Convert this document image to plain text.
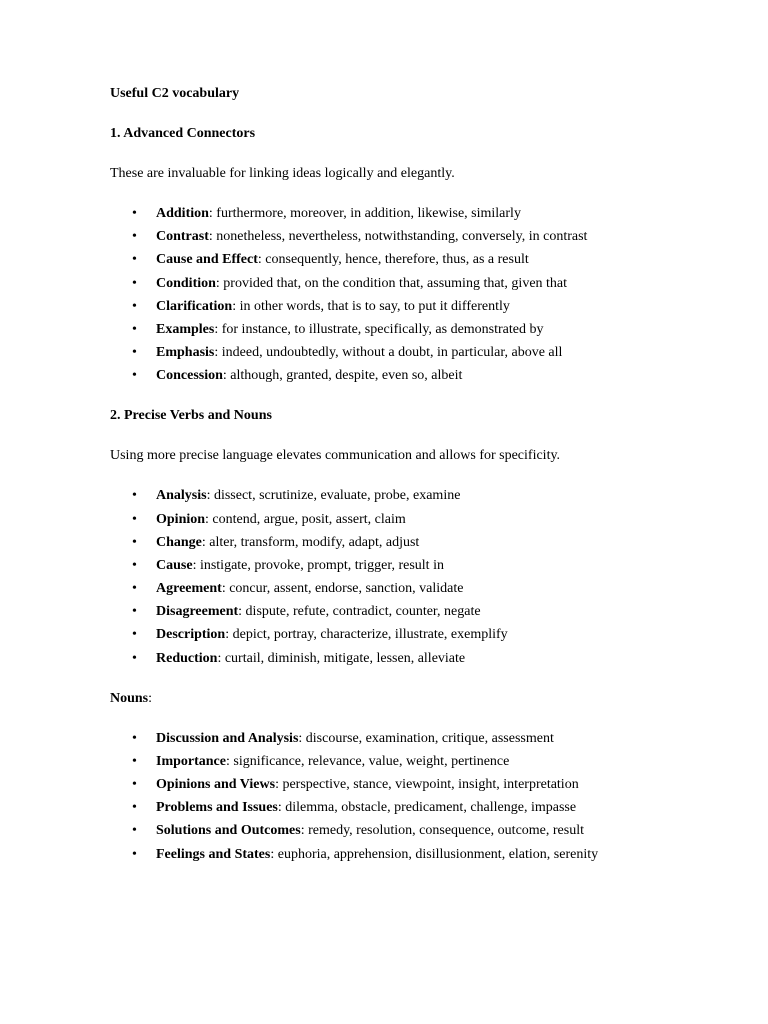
Useful C2 vocabulary
1. Advanced Connectors
These are invaluable for linking ideas logically and elegantly.
• Addition: furthermore, moreover, in addition, likewise, similarly
• Contrast: nonetheless, nevertheless, notwithstanding, conversely, in contrast
• Cause and Effect: consequently, hence, therefore, thus, as a result
• Condition: provided that, on the condition that, assuming that, given that
• Clarification: in other words, that is to say, to put it differently
• Examples: for instance, to illustrate, specifically, as demonstrated by
• Emphasis: indeed, undoubtedly, without a doubt, in particular, above all
• Concession: although, granted, despite, even so, albeit
2. Precise Verbs and Nouns
Using more precise language elevates communication and allows for specificity.
• Analysis: dissect, scrutinize, evaluate, probe, examine
• Opinion: contend, argue, posit, assert, claim
• Change: alter, transform, modify, adapt, adjust
• Cause: instigate, provoke, prompt, trigger, result in
• Agreement: concur, assent, endorse, sanction, validate
• Disagreement: dispute, refute, contradict, counter, negate
• Description: depict, portray, characterize, illustrate, exemplify
• Reduction: curtail, diminish, mitigate, lessen, alleviate
Nouns:
• Discussion and Analysis: discourse, examination, critique, assessment
• Importance: significance, relevance, value, weight, pertinence
• Opinions and Views: perspective, stance, viewpoint, insight, interpretation
• Problems and Issues: dilemma, obstacle, predicament, challenge, impasse
• Solutions and Outcomes: remedy, resolution, consequence, outcome, result
• Feelings and States: euphoria, apprehension, disillusionment, elation, serenity
